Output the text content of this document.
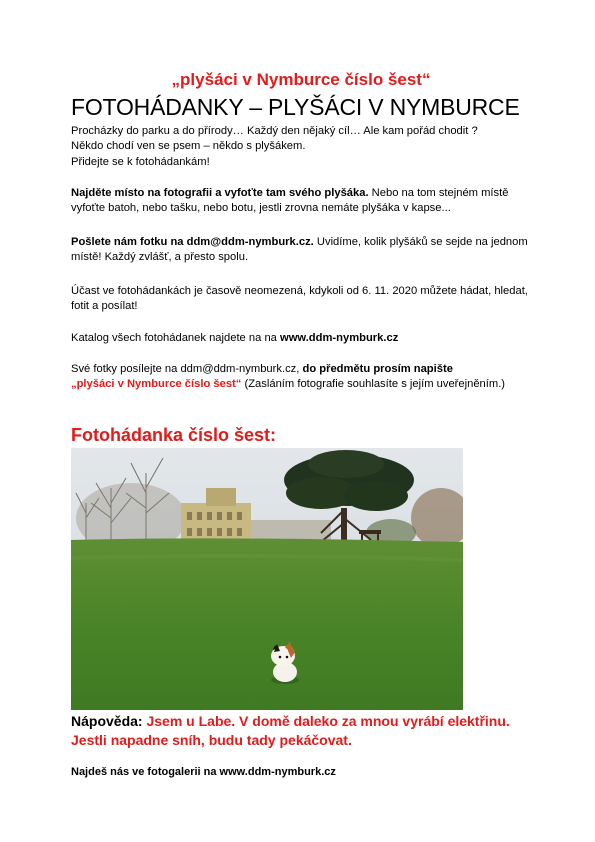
„plyšáci v Nymburce číslo šest“
FOTOHÁDANKY – PLYŠÁCI V NYMBURCE

Procházky do parku a do přírody… Každý den nějaký cíl… Ale kam pořád chodit ?
Někdo chodí ven se psem – někdo s plyšákem.
Přidejte se k fotohádankám!

Najděte místo na fotografii a vyfoťte tam svého plyšáka. Nebo na tom stejném místě vyfoťte batoh, nebo tašku, nebo botu, jestli zrovna nemáte plyšáka v kapse...

Pošlete nám fotku na ddm@ddm-nymburk.cz. Uvidíme, kolik plyšáků se sejde na jednom místě! Každý zvlášť, a přesto spolu.

Účast ve fotohádankách je časově neomezená, kdykoli od 6. 11. 2020 můžete hádat, hledat, fotit a posílat!

Katalog všech fotohádanek najdete na na www.ddm-nymburk.cz

Své fotky posílejte na ddm@ddm-nymburk.cz, do předmětu prosím napište
„plyšáci v Nymburce číslo šest“ (Zasláním fotografie souhlasíte s jejím uveřejněním.)

Fotohádanka číslo šest:

Nápověda: Jsem u Labe. V domě daleko za mnou vyrábí elektřinu. Jestli napadne sníh, budu tady pekáčovat.

Najdeš nás ve fotogalerii na www.ddm-nymburk.cz
